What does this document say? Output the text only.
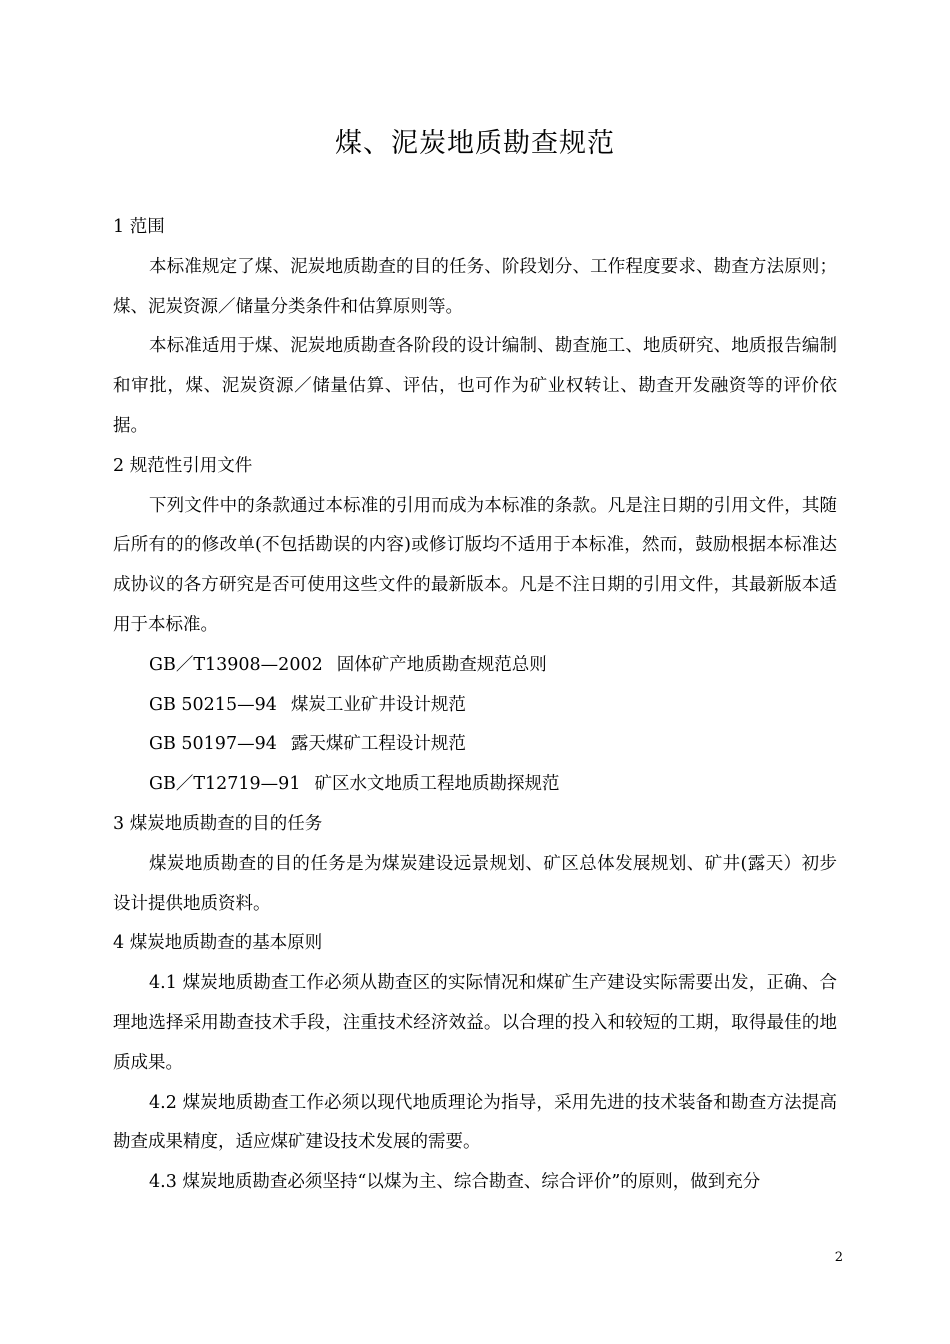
煤、泥炭地质勘查规范

1 范围

本标准规定了煤、泥炭地质勘查的目的任务、阶段划分、工作程度要求、勘查方法原则；煤、泥炭资源／储量分类条件和估算原则等。

本标准适用于煤、泥炭地质勘查各阶段的设计编制、勘查施工、地质研究、地质报告编制和审批，煤、泥炭资源／储量估算、评估，也可作为矿业权转让、勘查开发融资等的评价依据。

2 规范性引用文件

下列文件中的条款通过本标准的引用而成为本标准的条款。凡是注日期的引用文件，其随后所有的的修改单(不包括勘误的内容)或修订版均不适用于本标准，然而，鼓励根据本标准达成协议的各方研究是否可使用这些文件的最新版本。凡是不注日期的引用文件，其最新版本适用于本标准。

GB／T13908—2002 固体矿产地质勘查规范总则

GB 50215—94 煤炭工业矿井设计规范

GB 50197—94 露天煤矿工程设计规范

GB／T12719—91 矿区水文地质工程地质勘探规范

3 煤炭地质勘查的目的任务

煤炭地质勘查的目的任务是为煤炭建设远景规划、矿区总体发展规划、矿井(露天）初步设计提供地质资料。

4 煤炭地质勘查的基本原则

4.1 煤炭地质勘查工作必须从勘查区的实际情况和煤矿生产建设实际需要出发，正确、合理地选择采用勘查技术手段，注重技术经济效益。以合理的投入和较短的工期，取得最佳的地质成果。

4.2 煤炭地质勘查工作必须以现代地质理论为指导，采用先进的技术装备和勘查方法提高勘查成果精度，适应煤矿建设技术发展的需要。

4.3 煤炭地质勘查必须坚持“以煤为主、综合勘查、综合评价”的原则，做到充分

2
